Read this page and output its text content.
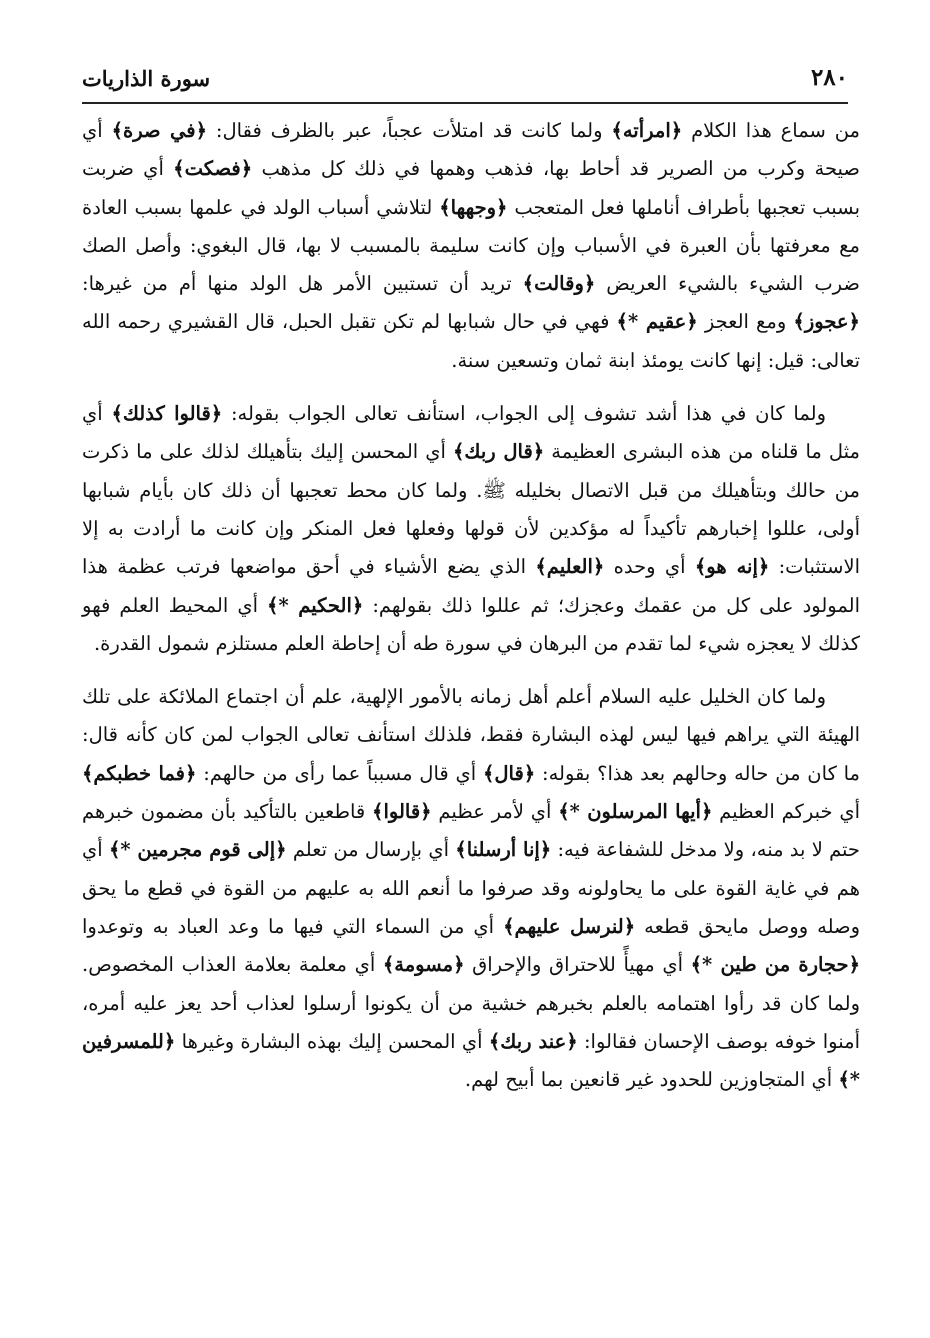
٢٨٠
سورة الذاريات

من سماع هذا الكلام ﴿امرأته﴾ ولما كانت قد امتلأت عجباً، عبر بالظرف فقال: ﴿في صرة﴾ أي صيحة وكرب من الصرير قد أحاط بها، فذهب وهمها في ذلك كل مذهب ﴿فصكت﴾ أي ضربت بسبب تعجبها بأطراف أناملها فعل المتعجب ﴿وجهها﴾ لتلاشي أسباب الولد في علمها بسبب العادة مع معرفتها بأن العبرة في الأسباب وإن كانت سليمة بالمسبب لا بها، قال البغوي: وأصل الصك ضرب الشيء بالشيء العريض ﴿وقالت﴾ تريد أن تستبين الأمر هل الولد منها أم من غيرها: ﴿عجوز﴾ ومع العجز ﴿عقيم *﴾ فهي في حال شبابها لم تكن تقبل الحبل، قال القشيري رحمه الله تعالى: قيل: إنها كانت يومئذ ابنة ثمان وتسعين سنة.

ولما كان في هذا أشد تشوف إلى الجواب، استأنف تعالى الجواب بقوله: ﴿قالوا كذلك﴾ أي مثل ما قلناه من هذه البشرى العظيمة ﴿قال ربك﴾ أي المحسن إليك بتأهيلك لذلك على ما ذكرت من حالك وبتأهيلك من قبل الاتصال بخليله ﷺ. ولما كان محط تعجبها أن ذلك كان بأيام شبابها أولى، عللوا إخبارهم تأكيداً له مؤكدين لأن قولها وفعلها فعل المنكر وإن كانت ما أرادت به إلا الاستثبات: ﴿إنه هو﴾ أي وحده ﴿العليم﴾ الذي يضع الأشياء في أحق مواضعها فرتب عظمة هذا المولود على كل من عقمك وعجزك؛ ثم عللوا ذلك بقولهم: ﴿الحكيم *﴾ أي المحيط العلم فهو كذلك لا يعجزه شيء لما تقدم من البرهان في سورة طه أن إحاطة العلم مستلزم شمول القدرة.

ولما كان الخليل عليه السلام أعلم أهل زمانه بالأمور الإلهية، علم أن اجتماع الملائكة على تلك الهيئة التي يراهم فيها ليس لهذه البشارة فقط، فلذلك استأنف تعالى الجواب لمن كان كأنه قال: ما كان من حاله وحالهم بعد هذا؟ بقوله: ﴿قال﴾ أي قال مسبباً عما رأى من حالهم: ﴿فما خطبكم﴾ أي خبركم العظيم ﴿أيها المرسلون *﴾ أي لأمر عظيم ﴿قالوا﴾ قاطعين بالتأكيد بأن مضمون خبرهم حتم لا بد منه، ولا مدخل للشفاعة فيه: ﴿إنا أرسلنا﴾ أي بإرسال من تعلم ﴿إلى قوم مجرمين *﴾ أي هم في غاية القوة على ما يحاولونه وقد صرفوا ما أنعم الله به عليهم من القوة في قطع ما يحق وصله ووصل مايحق قطعه ﴿لنرسل عليهم﴾ أي من السماء التي فيها ما وعد العباد به وتوعدوا ﴿حجارة من طين *﴾ أي مهيأً للاحتراق والإحراق ﴿مسومة﴾ أي معلمة بعلامة العذاب المخصوص. ولما كان قد رأوا اهتمامه بالعلم بخبرهم خشية من أن يكونوا أرسلوا لعذاب أحد يعز عليه أمره، أمنوا خوفه بوصف الإحسان فقالوا: ﴿عند ربك﴾ أي المحسن إليك بهذه البشارة وغيرها ﴿للمسرفين *﴾ أي المتجاوزين للحدود غير قانعين بما أبيح لهم.
